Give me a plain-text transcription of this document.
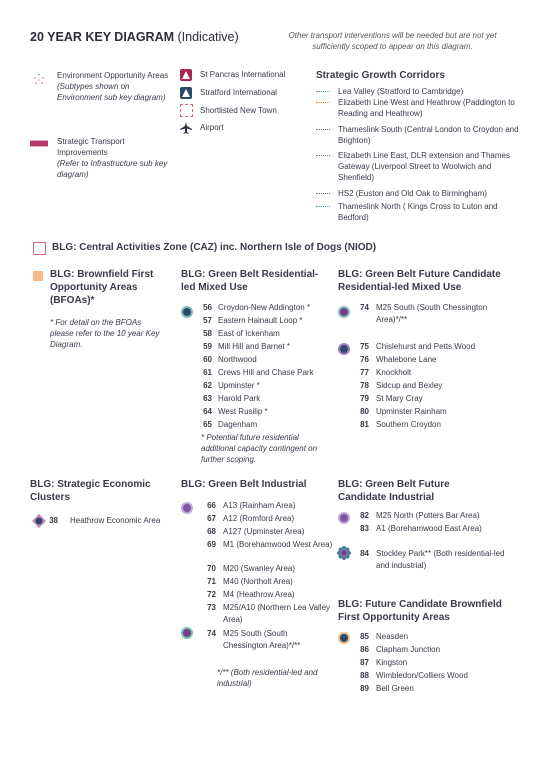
20 YEAR KEY DIAGRAM (Indicative)	Other transport interventions will be needed but are not yet sufficiently scoped to appear on this diagram.
Environment Opportunity Areas
(Subtypes shown on Environment sub key diagram)
Strategic Transport Improvements
(Refer to Infrastructure sub key diagram)
St Pancras International
Stratford International
Shortlisted New Town
Airport
Strategic Growth Corridors
Lea Valley (Stratford to Cambridge)
Elizabeth Line West and Heathrow (Paddington to Reading and Heathrow)
Thameslink South (Central London to Croydon and Brighton)
Elizabeth Line East, DLR extension and Thames Gateway (Liverpool Street to Woolwich and Shenfield)
HS2 (Euston and Old Oak to Birmingham)
Thameslink North ( Kings Cross to Luton and Bedford)
BLG: Central Activities Zone (CAZ) inc. Northern Isle of Dogs (NIOD)
BLG: Brownfield First Opportunity Areas (BFOAs)*
* For detail on the BFOAs please refer to the 10 year Key Diagram.
BLG: Green Belt Residential-led Mixed Use
56 Croydon-New Addington *
57 Eastern Hainault Loop *
58 East of Ickenham
59 Mill Hill and Barnet *
60 Northwood
61 Crews Hill and Chase Park
62 Upminster *
63 Harold Park
64 West Rusilip *
65 Dagenham
* Potential future residential additional capacity contingent on further scoping.
BLG: Green Belt Future Candidate Residential-led Mixed Use
74 M25 South (South Chessington Area)*/**
75 Chislehurst and Petts Wood
76 Whalebone Lane
77 Knockholt
78 Sidcup and Bexley
79 St Mary Cray
80 Upminster Rainham
81 Southern Croydon
BLG: Strategic Economic Clusters
38 Heathrow Economic Area
BLG: Green Belt Industrial
66 A13 (Rainham Area)
67 A12 (Romford Area)
68 A127 (Upminster Area)
69 M1 (Borehamwood West Area)
70 M20 (Swanley Area)
71 M40 (Northolt Area)
72 M4 (Heathrow Area)
73 M25/A10 (Northern Lea Valley Area)
74 M25 South (South Chessington Area)*/**
*/** (Both residential-led and industrial)
BLG: Green Belt Future Candidate Industrial
82 M25 North (Potters Bar Area)
83 A1 (Borehamwood East Area)
84 Stockley Park** (Both residential-led and industrial)
BLG: Future Candidate Brownfield First Opportunity Areas
85 Neasden
86 Clapham Junction
87 Kingston
88 Wimbledon/Colliers Wood
89 Bell Green
